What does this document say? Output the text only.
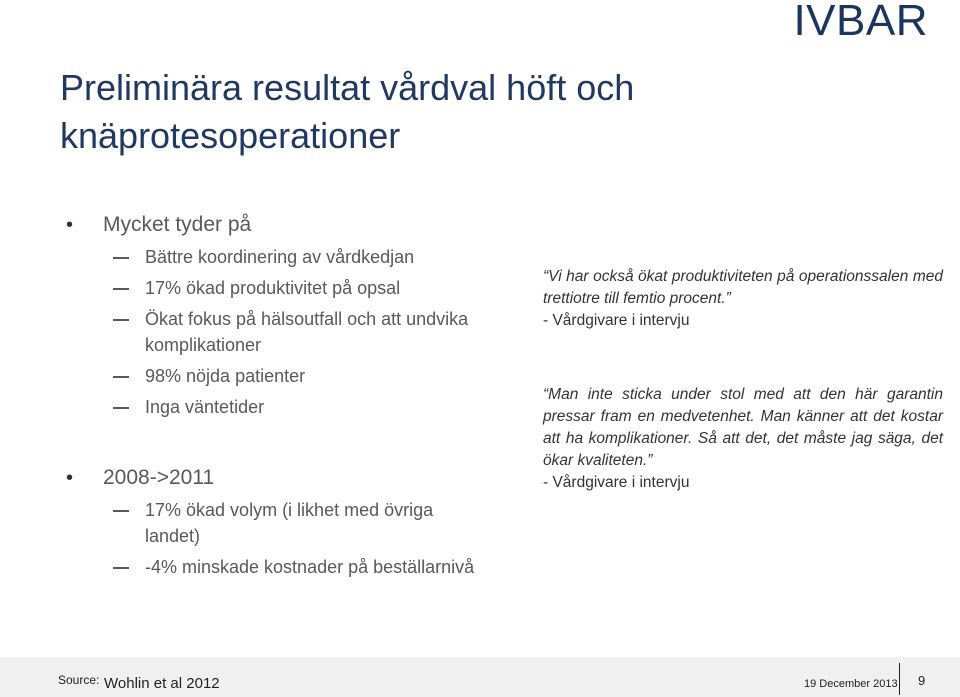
IVBAR
Preliminära resultat vårdval höft och knäprotesoperationer
• Mycket tyder på
Bättre koordinering av vårdkedjan
17% ökad produktivitet på opsal
Ökat fokus på hälsoutfall och att undvika komplikationer
98% nöjda patienter
Inga väntetider
• 2008->2011
17% ökad volym (i likhet med övriga landet)
-4% minskade kostnader på beställarnivå
“Vi har också ökat produktiviteten på operationssalen med trettiotre till femtio procent.”
- Vårdgivare i intervju
“Man inte sticka under stol med att den här garantin pressar fram en medvetenhet. Man känner att det kostar att ha komplikationer. Så att det, det måste jag säga, det ökar kvaliteten.”
- Vårdgivare i intervju
Source: Wohlin et al 2012	19 December 2013 9
